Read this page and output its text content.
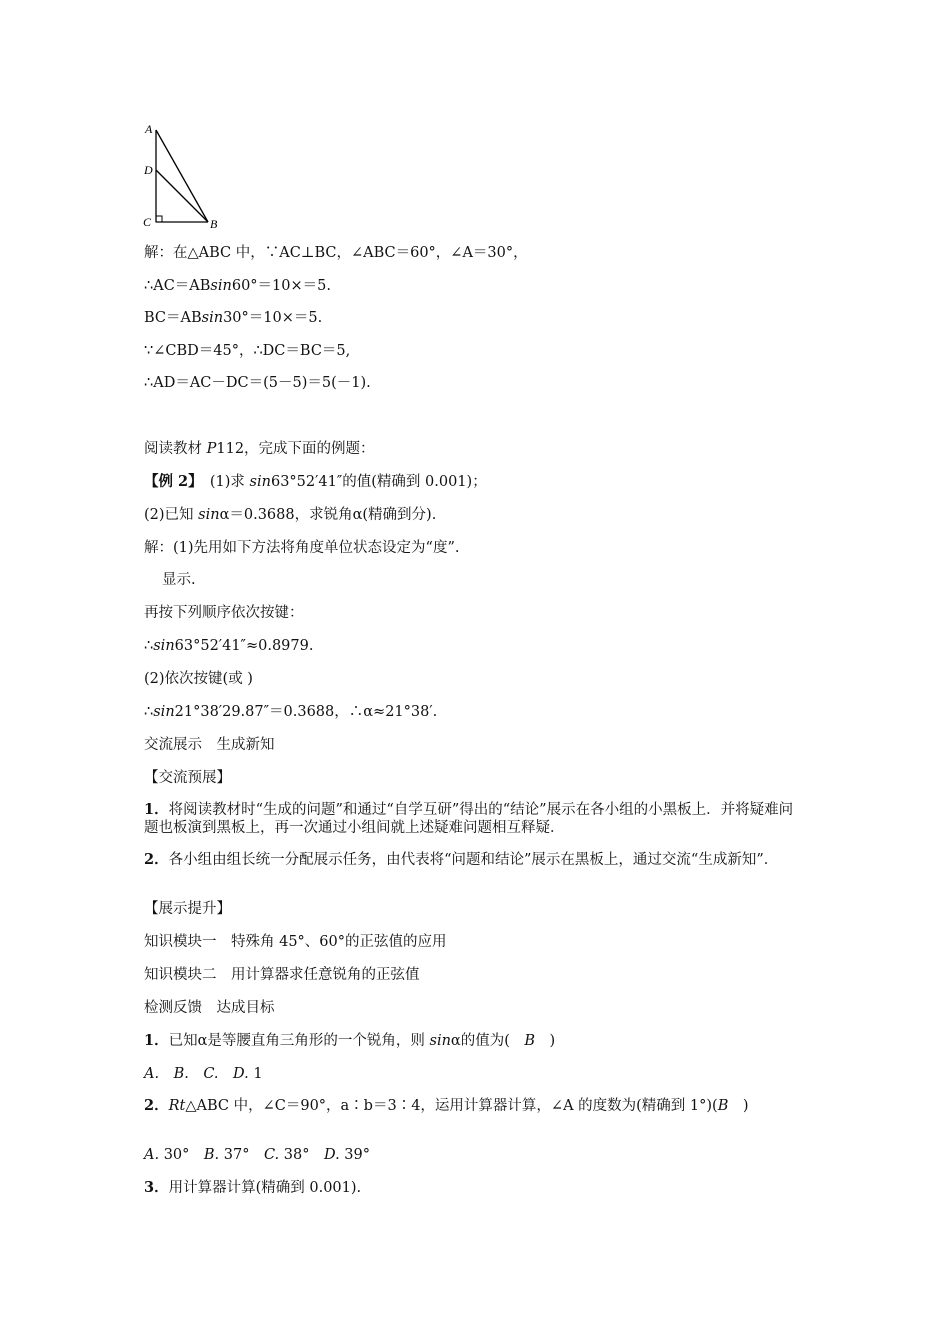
A
D
C	B
解：在△ABC 中，∵AC⊥BC，∠ABC＝60°，∠A＝30°，
∴AC＝ABsin60°＝10×＝5.
BC＝ABsin30°＝10×＝5.
∵∠CBD＝45°，∴DC＝BC＝5,
∴AD＝AC－DC＝(5－5)＝5(－1).
阅读教材 P112，完成下面的例题：
【例 2】　 (1)求 sin63°52′41″的值(精确到 0.001)；
(2)已知 sinα＝0.3688，求锐角α(精确到分).
解：(1)先用如下方法将角度单位状态设定为“度”.
显示.
再按下列顺序依次按键：
∴sin63°52′41″≈0.8979.
(2)依次按键(或 )
∴sin21°38′29.87″＝0.3688，∴α≈21°38′.
交流展示　生成新知
【交流预展】
1．将阅读教材时“生成的问题”和通过“自学互研”得出的“结论”展示在各小组的小黑板上．并将疑难问题也板演到黑板上，再一次通过小组间就上述疑难问题相互释疑．
2．各小组由组长统一分配展示任务，由代表将“问题和结论”展示在黑板上，通过交流“生成新知”．
【展示提升】
知识模块一　特殊角 45°、60°的正弦值的应用
知识模块二　用计算器求任意锐角的正弦值
检测反馈　达成目标
1．已知α是等腰直角三角形的一个锐角，则 sinα的值为(　B　)
A.　B.　C.　D. 1
2．Rt△ABC 中，∠C＝90°，a∶b＝3∶4，运用计算器计算，∠A 的度数为(精确到 1°)(B　)
A. 30°　B. 37°　C. 38°　D. 39°
3．用计算器计算(精确到 0.001).
